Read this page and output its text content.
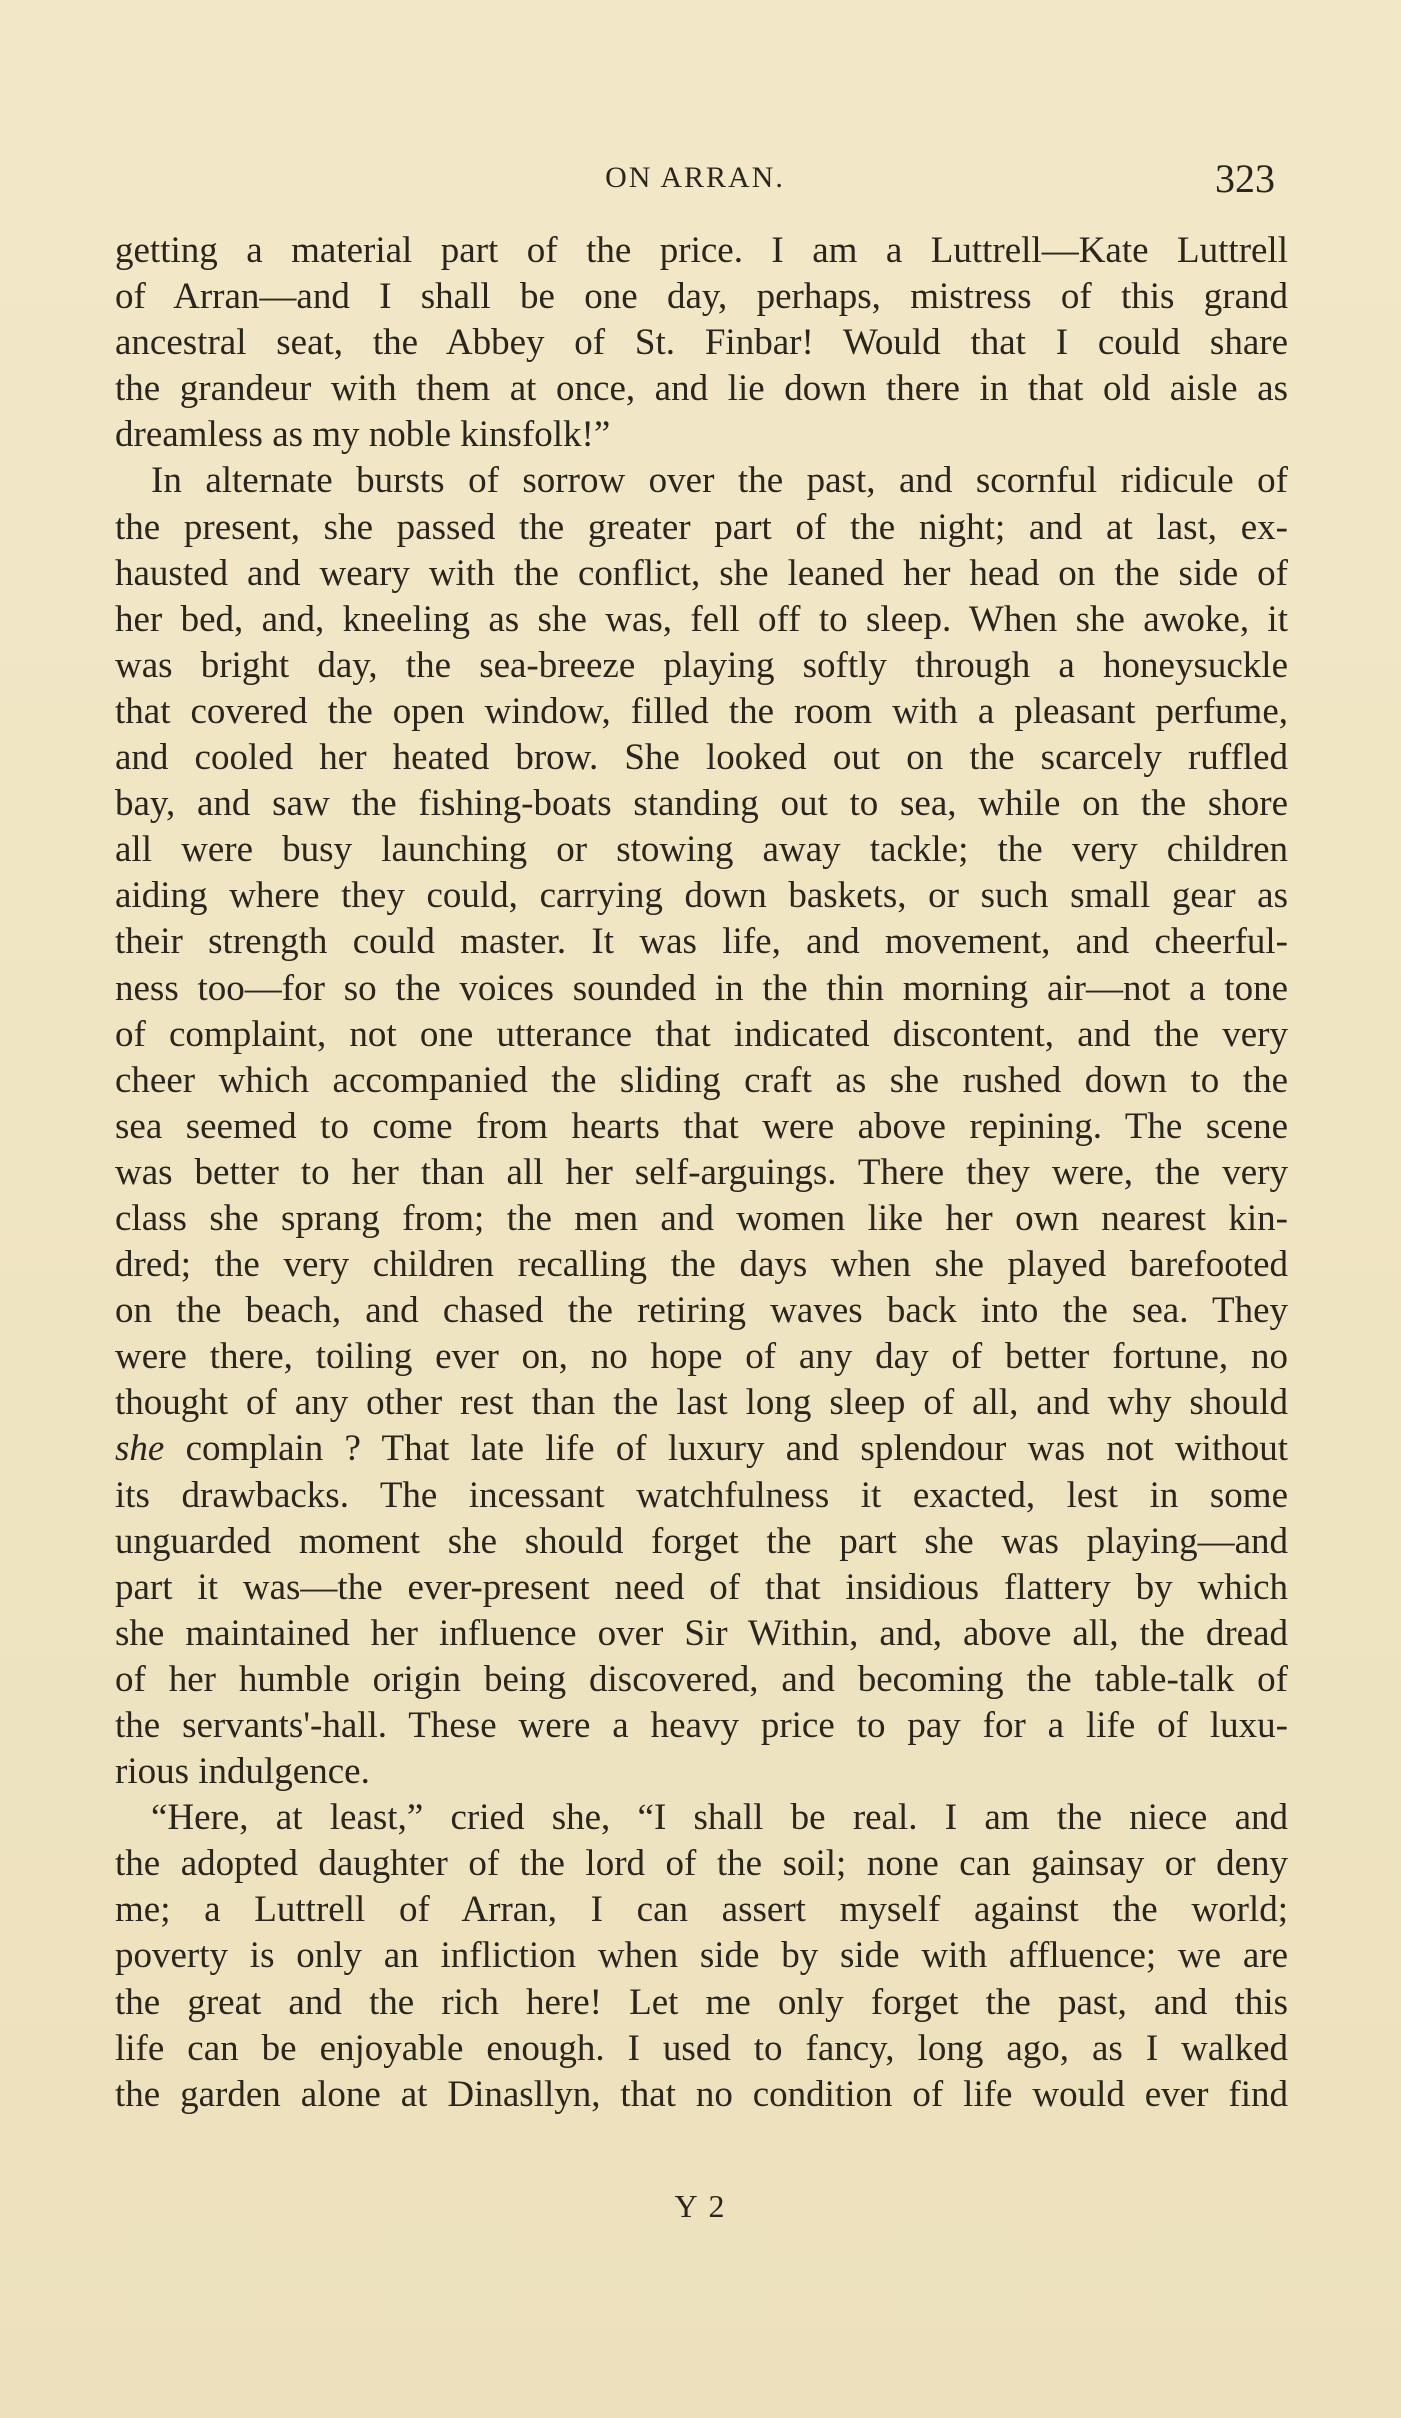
ON ARRAN.	323
getting a material part of the price. I am a Luttrell—Kate Luttrell
of Arran—and I shall be one day, perhaps, mistress of this grand
ancestral seat, the Abbey of St. Finbar! Would that I could share
the grandeur with them at once, and lie down there in that old aisle as
dreamless as my noble kinsfolk!”
In alternate bursts of sorrow over the past, and scornful ridicule of
the present, she passed the greater part of the night; and at last, ex-
hausted and weary with the conflict, she leaned her head on the side of
her bed, and, kneeling as she was, fell off to sleep. When she awoke, it
was bright day, the sea-breeze playing softly through a honeysuckle
that covered the open window, filled the room with a pleasant perfume,
and cooled her heated brow. She looked out on the scarcely ruffled
bay, and saw the fishing-boats standing out to sea, while on the shore
all were busy launching or stowing away tackle; the very children
aiding where they could, carrying down baskets, or such small gear as
their strength could master. It was life, and movement, and cheerful-
ness too—for so the voices sounded in the thin morning air—not a tone
of complaint, not one utterance that indicated discontent, and the very
cheer which accompanied the sliding craft as she rushed down to the
sea seemed to come from hearts that were above repining. The scene
was better to her than all her self-arguings. There they were, the very
class she sprang from; the men and women like her own nearest kin-
dred; the very children recalling the days when she played barefooted
on the beach, and chased the retiring waves back into the sea. They
were there, toiling ever on, no hope of any day of better fortune, no
thought of any other rest than the last long sleep of all, and why should
she complain ? That late life of luxury and splendour was not without
its drawbacks. The incessant watchfulness it exacted, lest in some
unguarded moment she should forget the part she was playing—and
part it was—the ever-present need of that insidious flattery by which
she maintained her influence over Sir Within, and, above all, the dread
of her humble origin being discovered, and becoming the table-talk of
the servants'-hall. These were a heavy price to pay for a life of luxu-
rious indulgence.
“Here, at least,” cried she, “I shall be real. I am the niece and
the adopted daughter of the lord of the soil; none can gainsay or deny
me; a Luttrell of Arran, I can assert myself against the world;
poverty is only an infliction when side by side with affluence; we are
the great and the rich here! Let me only forget the past, and this
life can be enjoyable enough. I used to fancy, long ago, as I walked
the garden alone at Dinasllyn, that no condition of life would ever find
Y 2
